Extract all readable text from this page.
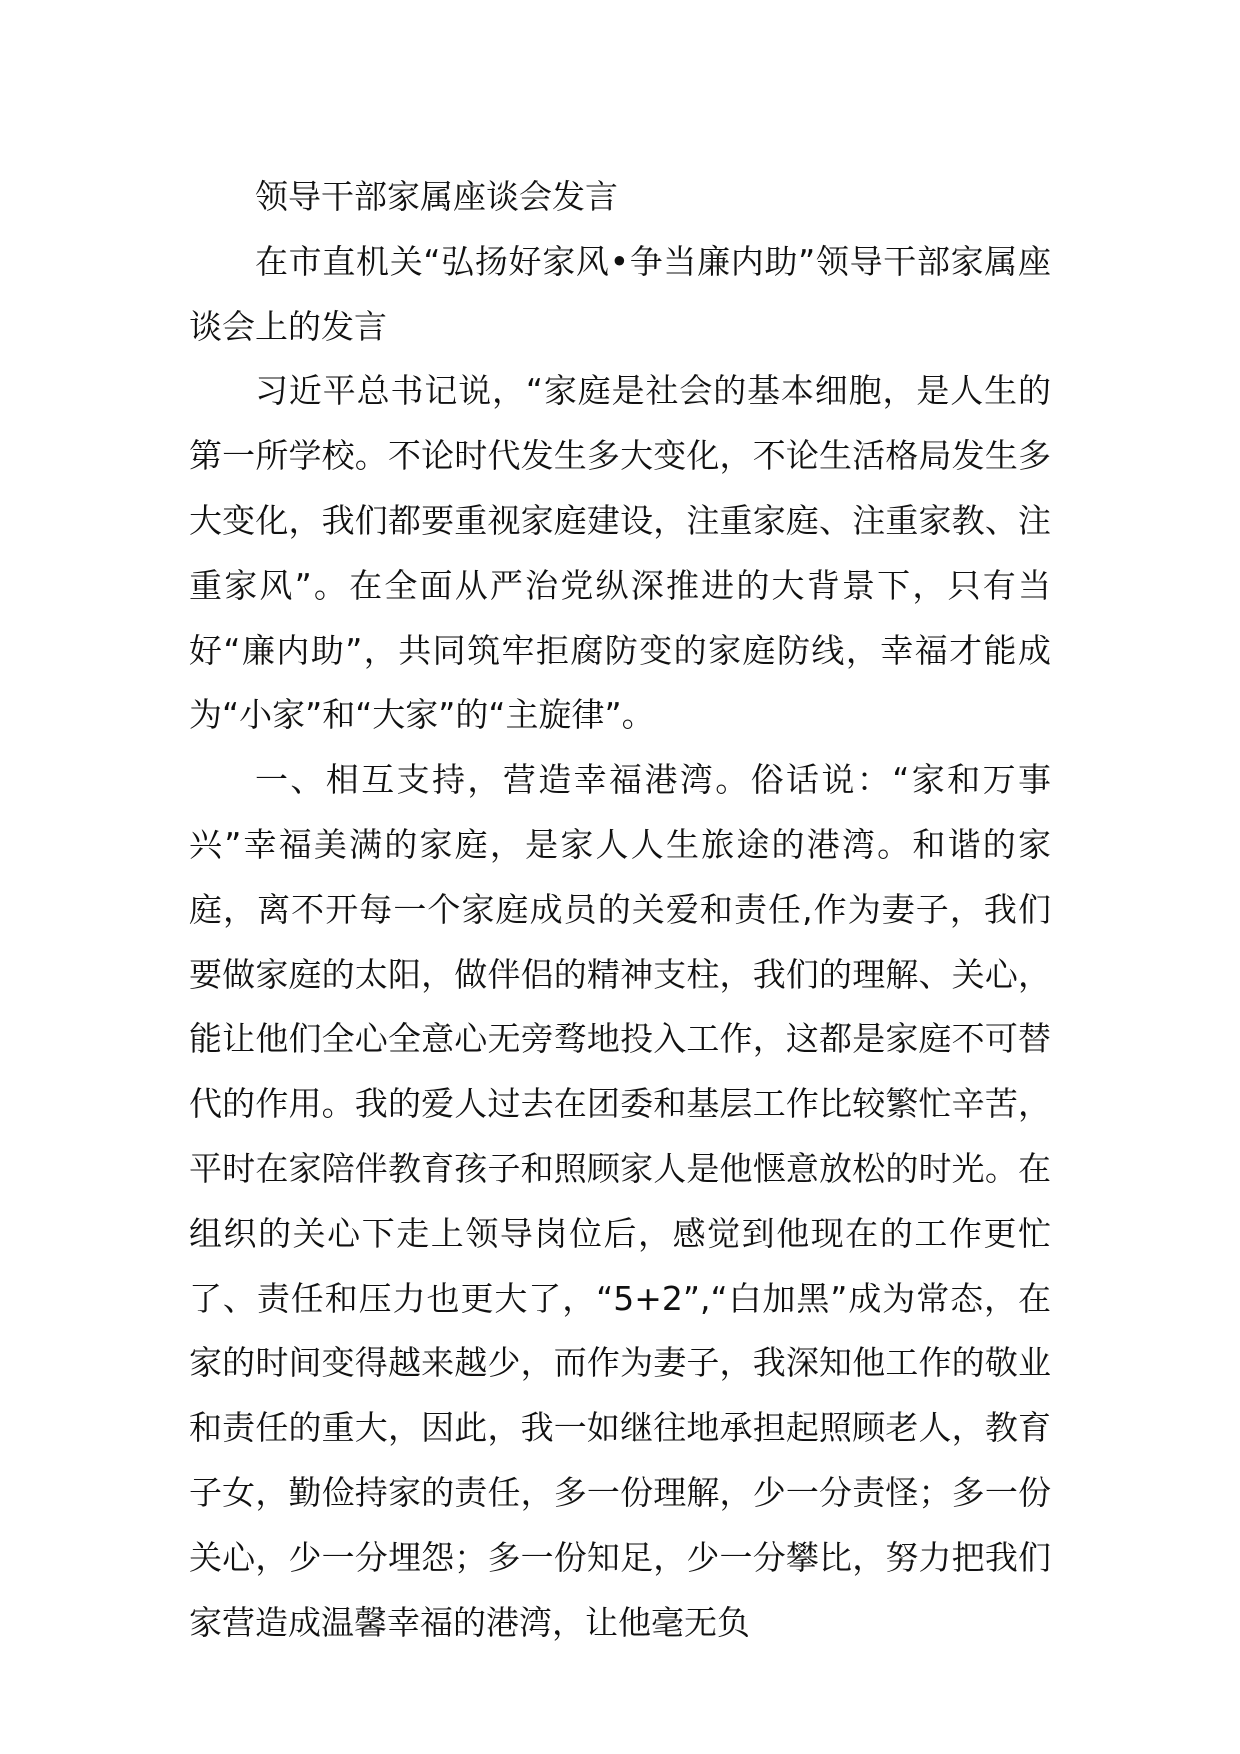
领导干部家属座谈会发言

在市直机关“弘扬好家风•争当廉内助”领导干部家属座谈会上的发言

习近平总书记说，“家庭是社会的基本细胞，是人生的第一所学校。不论时代发生多大变化，不论生活格局发生多大变化，我们都要重视家庭建设，注重家庭、注重家教、注重家风”。在全面从严治党纵深推进的大背景下，只有当好“廉内助”，共同筑牢拒腐防变的家庭防线，幸福才能成为“小家”和“大家”的“主旋律”。

一、相互支持，营造幸福港湾。俗话说：“家和万事兴”幸福美满的家庭，是家人人生旅途的港湾。和谐的家庭，离不开每一个家庭成员的关爱和责任,作为妻子，我们要做家庭的太阳，做伴侣的精神支柱，我们的理解、关心，能让他们全心全意心无旁骛地投入工作，这都是家庭不可替代的作用。我的爱人过去在团委和基层工作比较繁忙辛苦，平时在家陪伴教育孩子和照顾家人是他惬意放松的时光。在组织的关心下走上领导岗位后，感觉到他现在的工作更忙了、责任和压力也更大了，“5+2”,“白加黑”成为常态，在家的时间变得越来越少，而作为妻子，我深知他工作的敬业和责任的重大，因此，我一如继往地承担起照顾老人，教育子女，勤俭持家的责任，多一份理解，少一分责怪；多一份关心，少一分埋怨；多一份知足，少一分攀比，努力把我们家营造成温馨幸福的港湾，让他毫无负
